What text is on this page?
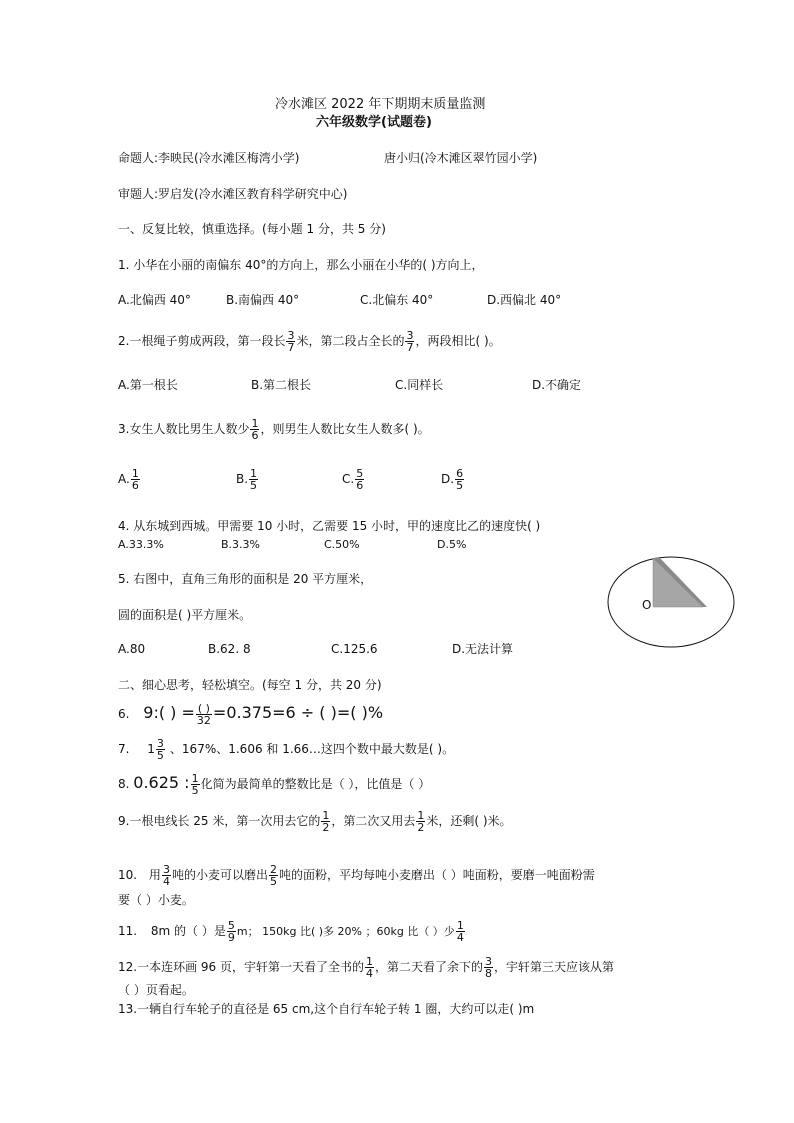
冷水滩区 2022 年下期期末质量监测
六年级数学(试题卷)
命题人:李映民(冷水滩区梅湾小学)	唐小归(冷木滩区翠竹园小学)
审题人:罗启发(冷水滩区教育科学研究中心)
一、反复比较，慎重选择。(每小题 1 分，共 5 分)
1. 小华在小丽的南偏东 40°的方向上，那么小丽在小华的( )方向上，
A.北偏西 40°	B.南偏西 40°	C.北偏东 40°	D.西偏北 40°
2.一根绳子剪成两段，第一段长 $\frac{3}{7}$ 米，第二段占全长的 $\frac{3}{7}$ ，两段相比( )。
A.第一根长	B.第二根长	C.同样长	D.不确定
3.女生人数比男生人数少 $\frac{1}{6}$ ，则男生人数比女生人数多( )。
A. $\frac{1}{6}$	B. $\frac{1}{5}$	C. $\frac{5}{6}$	D. $\frac{6}{5}$
4. 从东城到西城。甲需要 10 小时，乙需要 15 小时，甲的速度比乙的速度快( )
A.33.3%	B.3.3%	C.50%	D.5%
5. 右图中，直角三角形的面积是 20 平方厘米，
圆的面积是( )平方厘米。
A.80	B.62. 8	C.125.6	D.无法计算
O
二、细心思考，轻松填空。(每空 1 分，共 20 分)
6. 9:( ) = ( )
32 =0.375=6 ÷ ( )=( )%
7. $1 \frac{3}{5}$ 、167%、1.606 和 1.66…这四个数中最大数是( )。
8. 0.625 : $\frac{1}{5}$ 化简为最简单的整数比是（ ），比值是（ ）
9.一根电线长 25 米，第一次用去它的 $\frac{1}{2}$ ，第二次又用去 $\frac{1}{2}$ 米，还剩( )米。
10. 用 $\frac{3}{4}$ 吨的小麦可以磨出 $\frac{2}{5}$ 吨的面粉，平均每吨小麦磨出（ ）吨面粉，要磨一吨面粉需
要（ ）小麦。
11. 8m 的（ ）是 $\frac{5}{9}$ m； 150kg 比( )多 20% ；60kg 比（ ）少 $\frac{1}{4}$
12.一本连环画 96 页，宇轩第一天看了全书的 $\frac{1}{4}$ ，第二天看了余下的 $\frac{3}{8}$ ，宇轩第三天应该从第
（ ）页看起。
13.一辆自行车轮子的直径是 65 cm,这个自行车轮子转 1 圈，大约可以走( )m
